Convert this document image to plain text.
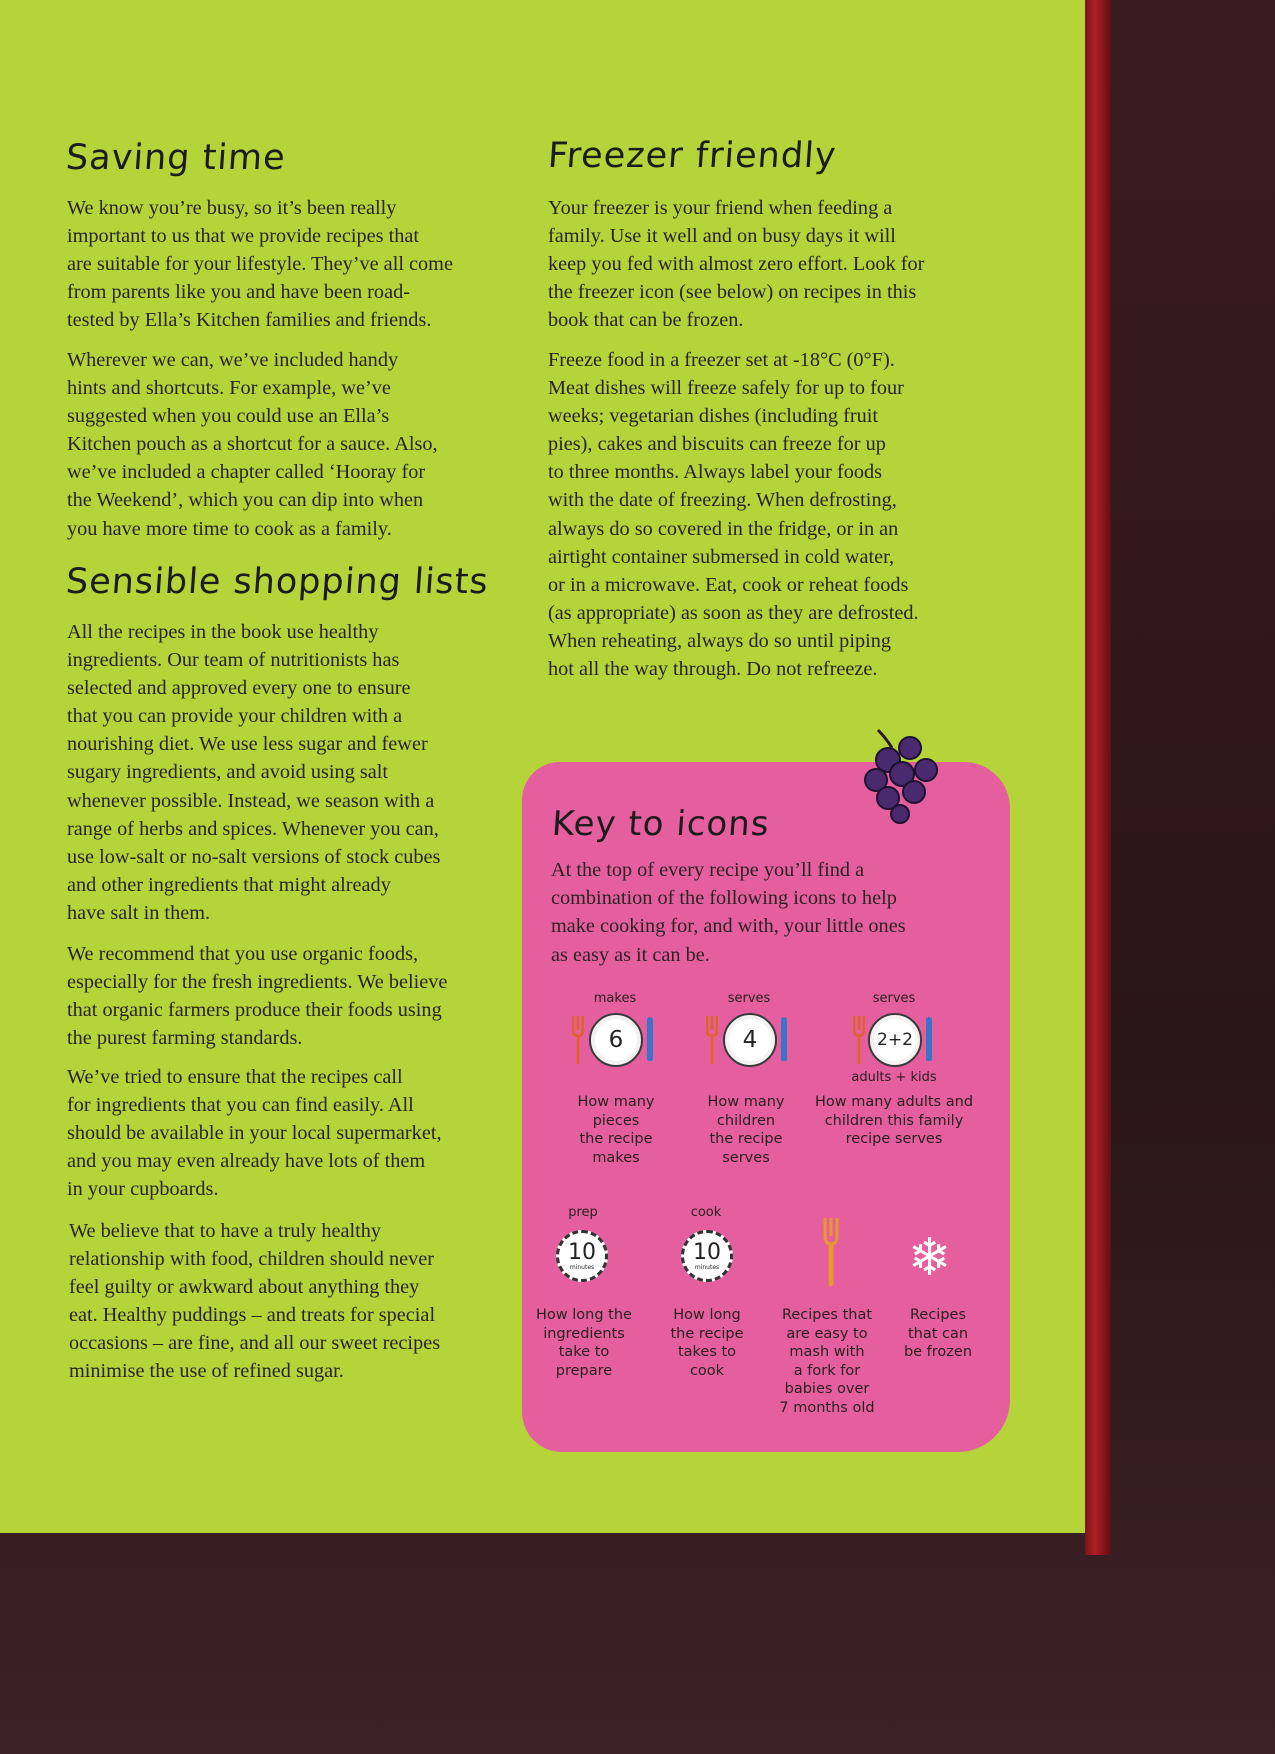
Saving time

We know you’re busy, so it’s been really
important to us that we provide recipes that
are suitable for your lifestyle. They’ve all come
from parents like you and have been road-
tested by Ella’s Kitchen families and friends.

Wherever we can, we’ve included handy
hints and shortcuts. For example, we’ve
suggested when you could use an Ella’s
Kitchen pouch as a shortcut for a sauce. Also,
we’ve included a chapter called ‘Hooray for
the Weekend’, which you can dip into when
you have more time to cook as a family.

Sensible shopping lists

All the recipes in the book use healthy
ingredients. Our team of nutritionists has
selected and approved every one to ensure
that you can provide your children with a
nourishing diet. We use less sugar and fewer
sugary ingredients, and avoid using salt
whenever possible. Instead, we season with a
range of herbs and spices. Whenever you can,
use low-salt or no-salt versions of stock cubes
and other ingredients that might already
have salt in them.

We recommend that you use organic foods,
especially for the fresh ingredients. We believe
that organic farmers produce their foods using
the purest farming standards.

We’ve tried to ensure that the recipes call
for ingredients that you can find easily. All
should be available in your local supermarket,
and you may even already have lots of them
in your cupboards.

We believe that to have a truly healthy
relationship with food, children should never
feel guilty or awkward about anything they
eat. Healthy puddings – and treats for special
occasions – are fine, and all our sweet recipes
minimise the use of refined sugar.

Freezer friendly

Your freezer is your friend when feeding a
family. Use it well and on busy days it will
keep you fed with almost zero effort. Look for
the freezer icon (see below) on recipes in this
book that can be frozen.

Freeze food in a freezer set at -18°C (0°F).
Meat dishes will freeze safely for up to four
weeks; vegetarian dishes (including fruit
pies), cakes and biscuits can freeze for up
to three months. Always label your foods
with the date of freezing. When defrosting,
always do so covered in the fridge, or in an
airtight container submersed in cold water,
or in a microwave. Eat, cook or reheat foods
(as appropriate) as soon as they are defrosted.
When reheating, always do so until piping
hot all the way through. Do not refreeze.

Key to icons

At the top of every recipe you’ll find a
combination of the following icons to help
make cooking for, and with, your little ones
as easy as it can be.

makes

6

How many
pieces
the recipe
makes

serves

4

How many
children
the recipe
serves

serves

2+2

adults + kids

How many adults and
children this family
recipe serves

prep

10
minutes

How long the
ingredients
take to
prepare

cook

10
minutes

How long
the recipe
takes to
cook

Recipes that
are easy to
mash with
a fork for
babies over
7 months old

❄

Recipes
that can
be frozen
